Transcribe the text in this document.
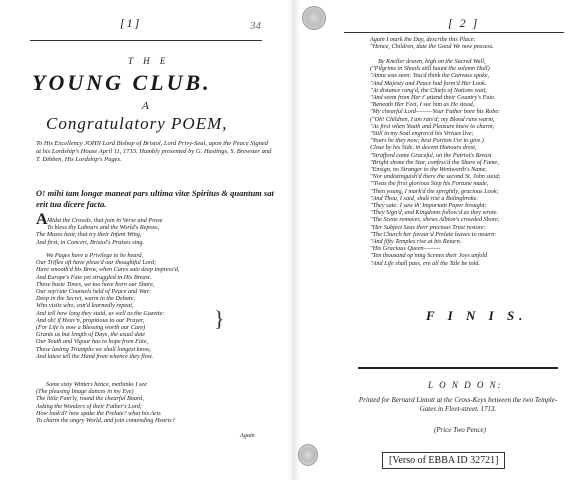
[1]	34
T H E
YOUNG CLUB.
A
Congratulatory POEM,
To His Excellency JOHN Lord Bishop of Bristol, Lord Privy-Seal, upon the Peace Signed at his Lordship's House April 11, 1713. Humbly presented by G. Hastings, S. Brewster and T. Dibben, His Lordship's Pages.
O! mihi tam longæ maneat pars ultima vitæ Spiritus & quantum sat erit tua dicere facta.
A Midst the Crowds, that join in Verse and Prose
To bless thy Labours and the World's Repose,
The Muses hear, that try their Infant Wing,
And first, in Concert, Bristol's Praises sing.
We Pages have a Privilege to be heard,
Our Trifles oft have pleas'd our thoughtful Lord;
Have smooth'd his Brow, when Cares sate deep impress'd,
And Europe's Fate yet struggled in His Breast.
These busie Times, we too have born our Share,
Our sep'rate Counsels held of Peace and War:
Deep in the Secret, warm in the Debate,
Who visits who, con'd learnedly repeat,
And tell how long they staid, as well as the Gazette:
And oh! if Heav'n, propitious to our Prayer,
(For Life is now a Blessing worth our Care)
Grants us but length of Days, the usual date
Our Youth and Vigour has to hope from Fate,
These lasting Triumphs we shall longest know,
And latest tell the Hand from whence they flow.
}
Some sixty Winters hence, methinks I see
(The pleasing Image dances in my Eye)
The little Fam'ly, round the chearful Board,
Asking the Wonders of their Father's Lord;
How look'd? how spake the Prelate? what his Arts
To charm the angry World, and join contending Hearts?
Again
[ 2 ]
Again I mark the Day, describe this Place:
"Hence, Children, date the Good We now possess.
By Kneller drawn, high on the Sacred Wall,
("Pilgrims in Shoals still haunt the solemn Hall)
"Anna was seen: You'd think the Canvass spoke,
"And Majesty and Peace had form'd Her Look.
"At distance rang'd, the Chiefs of Nations wait,
"And seem from Her t' attend their Country's Fate.
"Beneath Her Feet, I see him as He stood,
"My chearful Lord———Your Father bore his Robe:
("Oh! Children, I am rais'd; my Blood runs warm,
"As first when Youth and Pleasure knew to charm;
"Still in my Soul engrav'd his Virtues live;
"Yours be they now; best Portion I've to give.)
Close by his Side, in decent Honours drest,
"Strafford came Graceful, on the Patriot's Breast
"Bright shone the Star, confess'd the Share of Fame,
"Ensign, no Stranger to the Wentworth's Name.
"Nor undistinguish'd there the second St. John staid;
"'Twas the first glorious Step his Fortune made,
"Then young, I mark'd the sprightly, gracious Look;
"And Thou, I said, shalt rise a Bolingbroke.
"They sate: I saw th' Important Paper brought:
"They Sign'd, and Kingdoms follow'd as they wrote.
"The Scene removes, shews Albion's crowded Shore;
"Her Subject Seas their precious Trust restore:
"The Church her favour'd Prelate leaves to mourn:
"And fifty Temples rise at his Return.
"His Gracious Queen———
"Ten thousand op'ning Scenes their Joys unfold
"And Life shall pass, ere all the Tale be told.
F I N I S.
L O N D O N:
Printed for Bernard Lintott at the Cross-Keys between the two Temple-Gates in Fleet-street. 1713.
(Price Two Pence)
[Verso of EBBA ID 32721]
